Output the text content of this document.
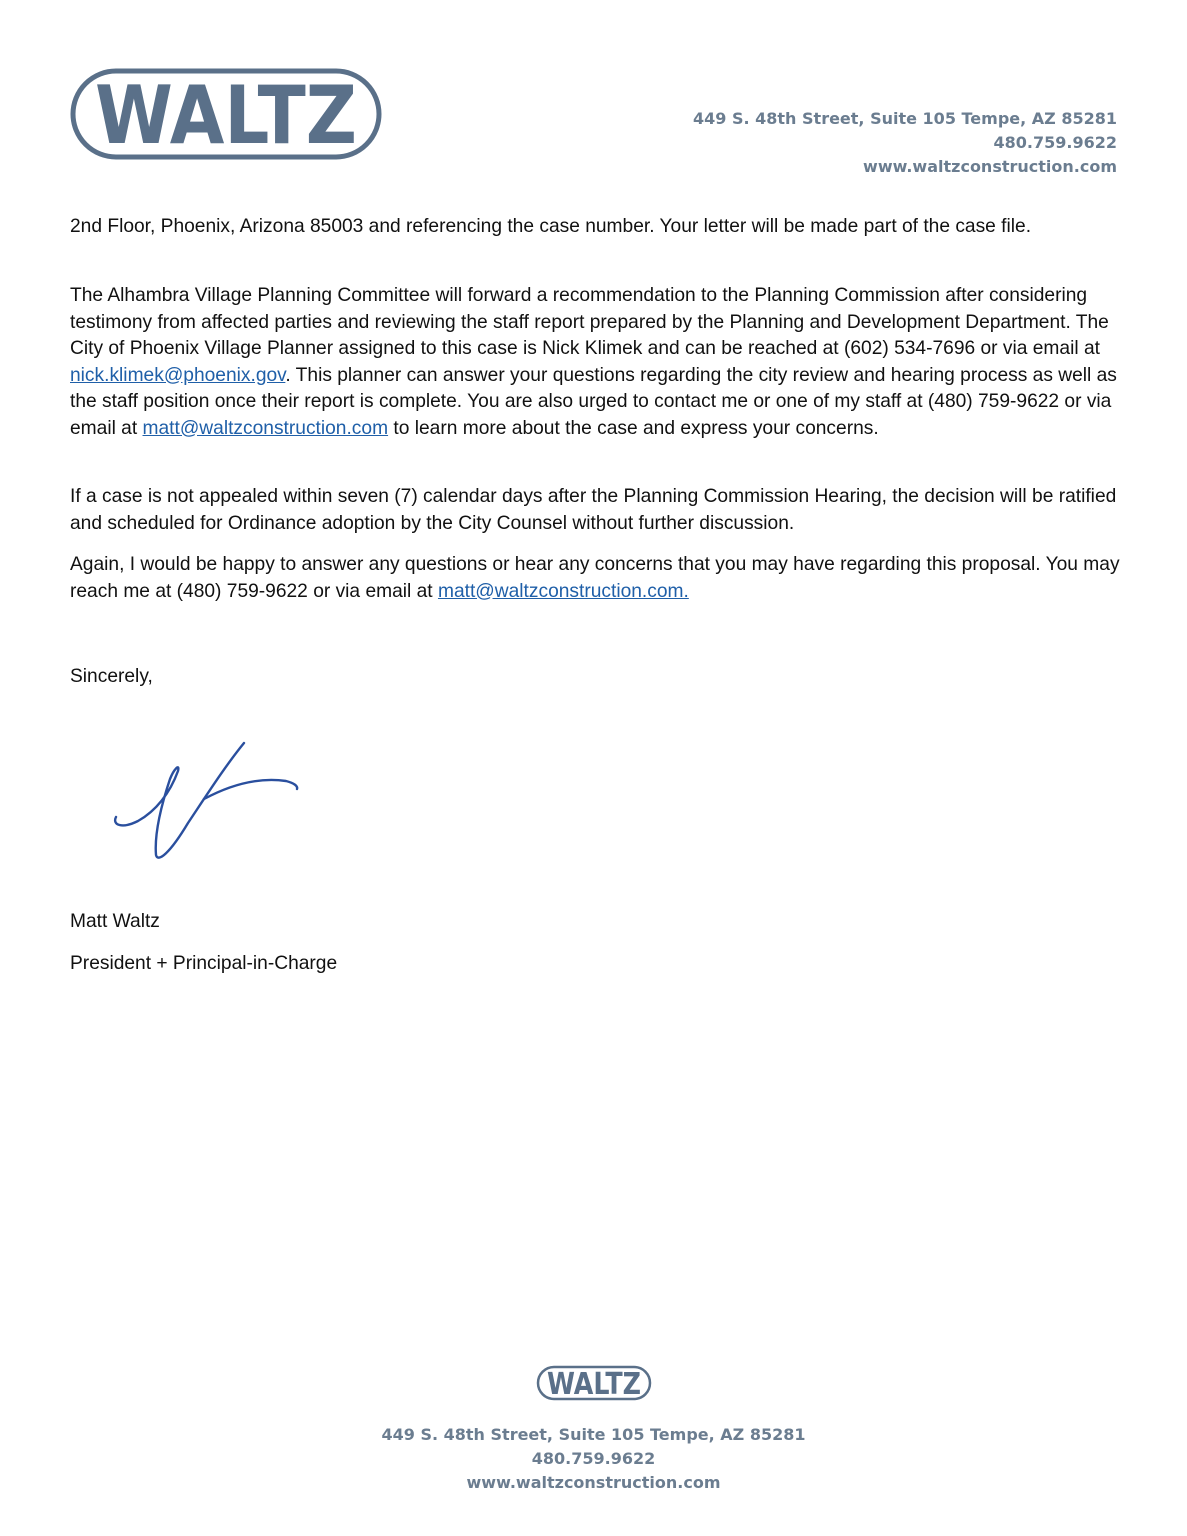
WALTZ	449 S. 48th Street, Suite 105 Tempe, AZ 85281
480.759.9622
www.waltzconstruction.com

2nd Floor, Phoenix, Arizona 85003 and referencing the case number. Your letter will be made part of the case file.

The Alhambra Village Planning Committee will forward a recommendation to the Planning Commission after considering testimony from affected parties and reviewing the staff report prepared by the Planning and Development Department. The City of Phoenix Village Planner assigned to this case is Nick Klimek and can be reached at (602) 534-7696 or via email at nick.klimek@phoenix.gov. This planner can answer your questions regarding the city review and hearing process as well as the staff position once their report is complete. You are also urged to contact me or one of my staff at (480) 759-9622 or via email at matt@waltzconstruction.com to learn more about the case and express your concerns.

If a case is not appealed within seven (7) calendar days after the Planning Commission Hearing, the decision will be ratified and scheduled for Ordinance adoption by the City Counsel without further discussion.

Again, I would be happy to answer any questions or hear any concerns that you may have regarding this proposal. You may reach me at (480) 759-9622 or via email at matt@waltzconstruction.com.

Sincerely,
Matt Waltz
President + Principal-in-Charge
WALTZ
449 S. 48th Street, Suite 105 Tempe, AZ 85281
480.759.9622
www.waltzconstruction.com
